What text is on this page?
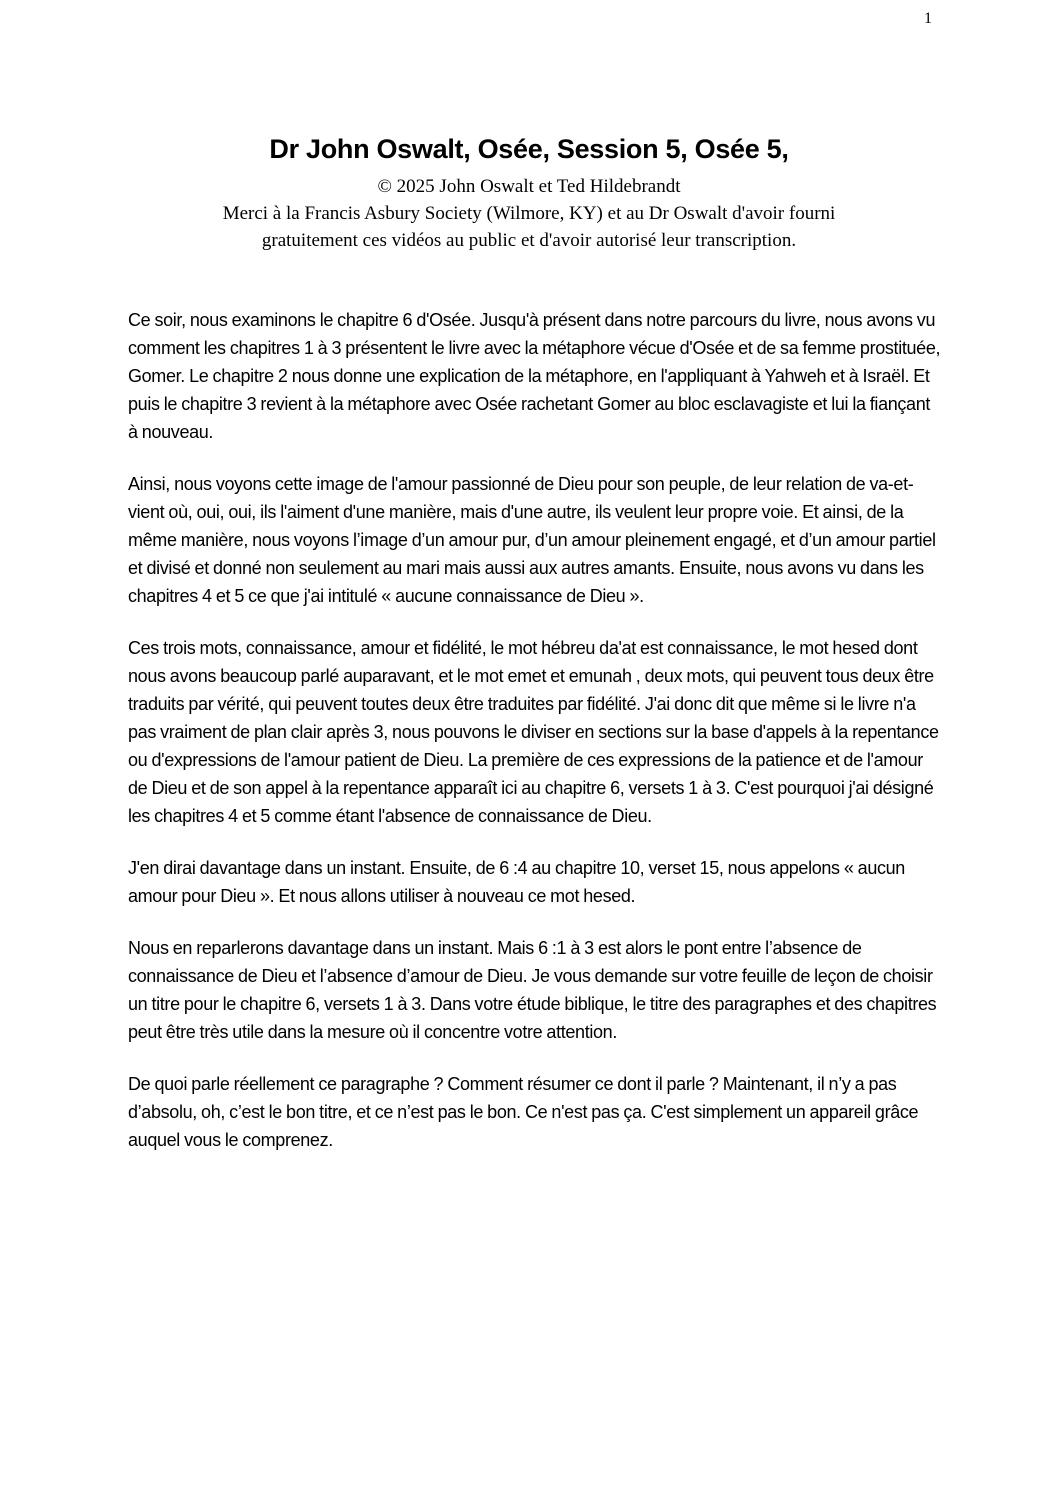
1
Dr John Oswalt, Osée, Session 5, Osée 5,
© 2025 John Oswalt et Ted Hildebrandt
Merci à la Francis Asbury Society (Wilmore, KY) et au Dr Oswalt d'avoir fourni
gratuitement ces vidéos au public et d'avoir autorisé leur transcription.

Ce soir, nous examinons le chapitre 6 d'Osée. Jusqu'à présent dans notre parcours du livre, nous avons vu comment les chapitres 1 à 3 présentent le livre avec la métaphore vécue d'Osée et de sa femme prostituée, Gomer. Le chapitre 2 nous donne une explication de la métaphore, en l'appliquant à Yahweh et à Israël. Et puis le chapitre 3 revient à la métaphore avec Osée rachetant Gomer au bloc esclavagiste et lui la fiançant à nouveau.

Ainsi, nous voyons cette image de l'amour passionné de Dieu pour son peuple, de leur relation de va-et-vient où, oui, oui, ils l'aiment d'une manière, mais d'une autre, ils veulent leur propre voie. Et ainsi, de la même manière, nous voyons l’image d’un amour pur, d’un amour pleinement engagé, et d’un amour partiel et divisé et donné non seulement au mari mais aussi aux autres amants. Ensuite, nous avons vu dans les chapitres 4 et 5 ce que j'ai intitulé « aucune connaissance de Dieu ».

Ces trois mots, connaissance, amour et fidélité, le mot hébreu da'at est connaissance, le mot hesed dont nous avons beaucoup parlé auparavant, et le mot emet et emunah , deux mots, qui peuvent tous deux être traduits par vérité, qui peuvent toutes deux être traduites par fidélité. J'ai donc dit que même si le livre n'a pas vraiment de plan clair après 3, nous pouvons le diviser en sections sur la base d'appels à la repentance ou d'expressions de l'amour patient de Dieu. La première de ces expressions de la patience et de l'amour de Dieu et de son appel à la repentance apparaît ici au chapitre 6, versets 1 à 3. C'est pourquoi j'ai désigné les chapitres 4 et 5 comme étant l'absence de connaissance de Dieu.

J'en dirai davantage dans un instant. Ensuite, de 6 :4 au chapitre 10, verset 15, nous appelons « aucun amour pour Dieu ». Et nous allons utiliser à nouveau ce mot hesed.

Nous en reparlerons davantage dans un instant. Mais 6 :1 à 3 est alors le pont entre l’absence de connaissance de Dieu et l’absence d’amour de Dieu. Je vous demande sur votre feuille de leçon de choisir un titre pour le chapitre 6, versets 1 à 3. Dans votre étude biblique, le titre des paragraphes et des chapitres peut être très utile dans la mesure où il concentre votre attention.

De quoi parle réellement ce paragraphe ? Comment résumer ce dont il parle ? Maintenant, il n’y a pas d’absolu, oh, c’est le bon titre, et ce n’est pas le bon. Ce n'est pas ça. C'est simplement un appareil grâce auquel vous le comprenez.
